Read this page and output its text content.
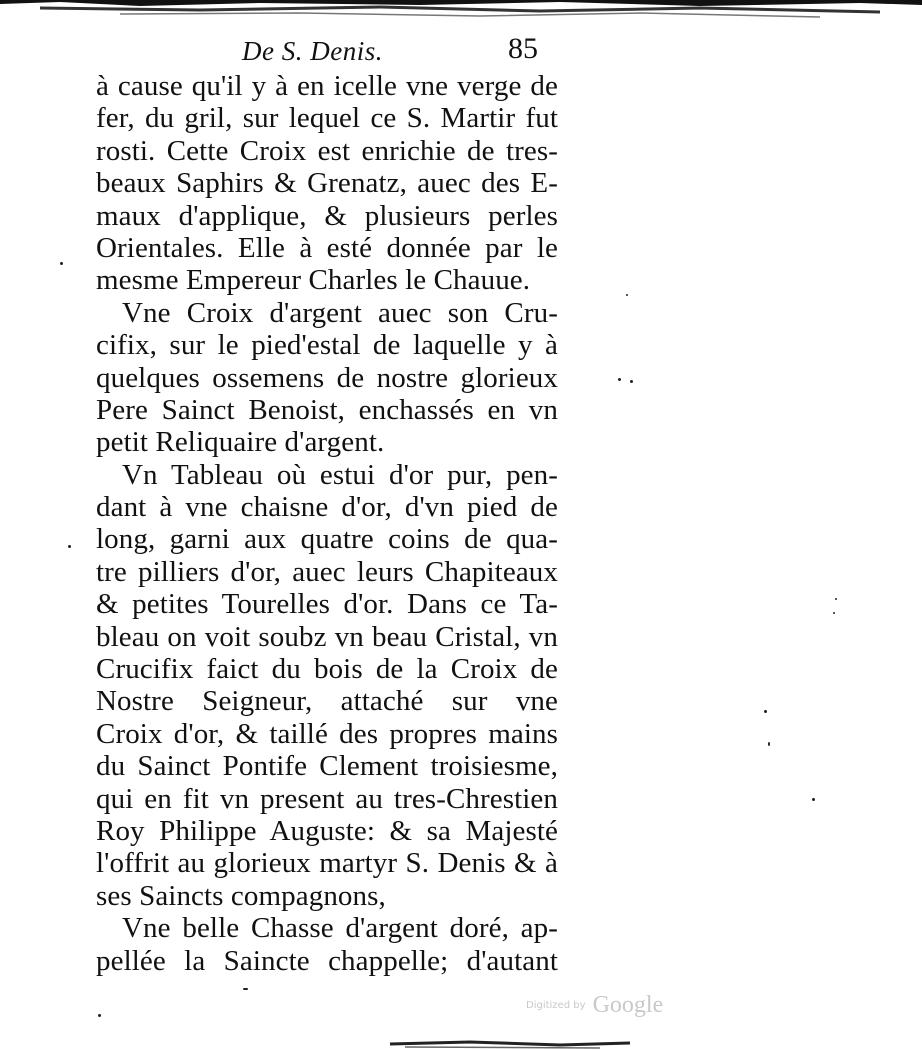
De S. Denis.	85
à cause qu'il y à en icelle vne verge de
fer, du gril, sur lequel ce S. Martir fut
rosti. Cette Croix est enrichie de tres-
beaux Saphirs & Grenatz, auec des E-
maux d'applique, & plusieurs perles
Orientales. Elle à esté donnée par le
mesme Empereur Charles le Chauue.
Vne Croix d'argent auec son Cru-
cifix, sur le pied'estal de laquelle y à
quelques ossemens de nostre glorieux
Pere Sainct Benoist, enchassés en vn
petit Reliquaire d'argent.
Vn Tableau où estui d'or pur, pen-
dant à vne chaisne d'or, d'vn pied de
long, garni aux quatre coins de qua-
tre pilliers d'or, auec leurs Chapiteaux
& petites Tourelles d'or. Dans ce Ta-
bleau on voit soubz vn beau Cristal, vn
Crucifix faict du bois de la Croix de
Nostre Seigneur, attaché sur vne
Croix d'or, & taillé des propres mains
du Sainct Pontife Clement troisiesme,
qui en fit vn present au tres-Chrestien
Roy Philippe Auguste: & sa Majesté
l'offrit au glorieux martyr S. Denis & à
ses Saincts compagnons,
Vne belle Chasse d'argent doré, ap-
pellée la Saincte chappelle; d'autant
Digitized by Google
